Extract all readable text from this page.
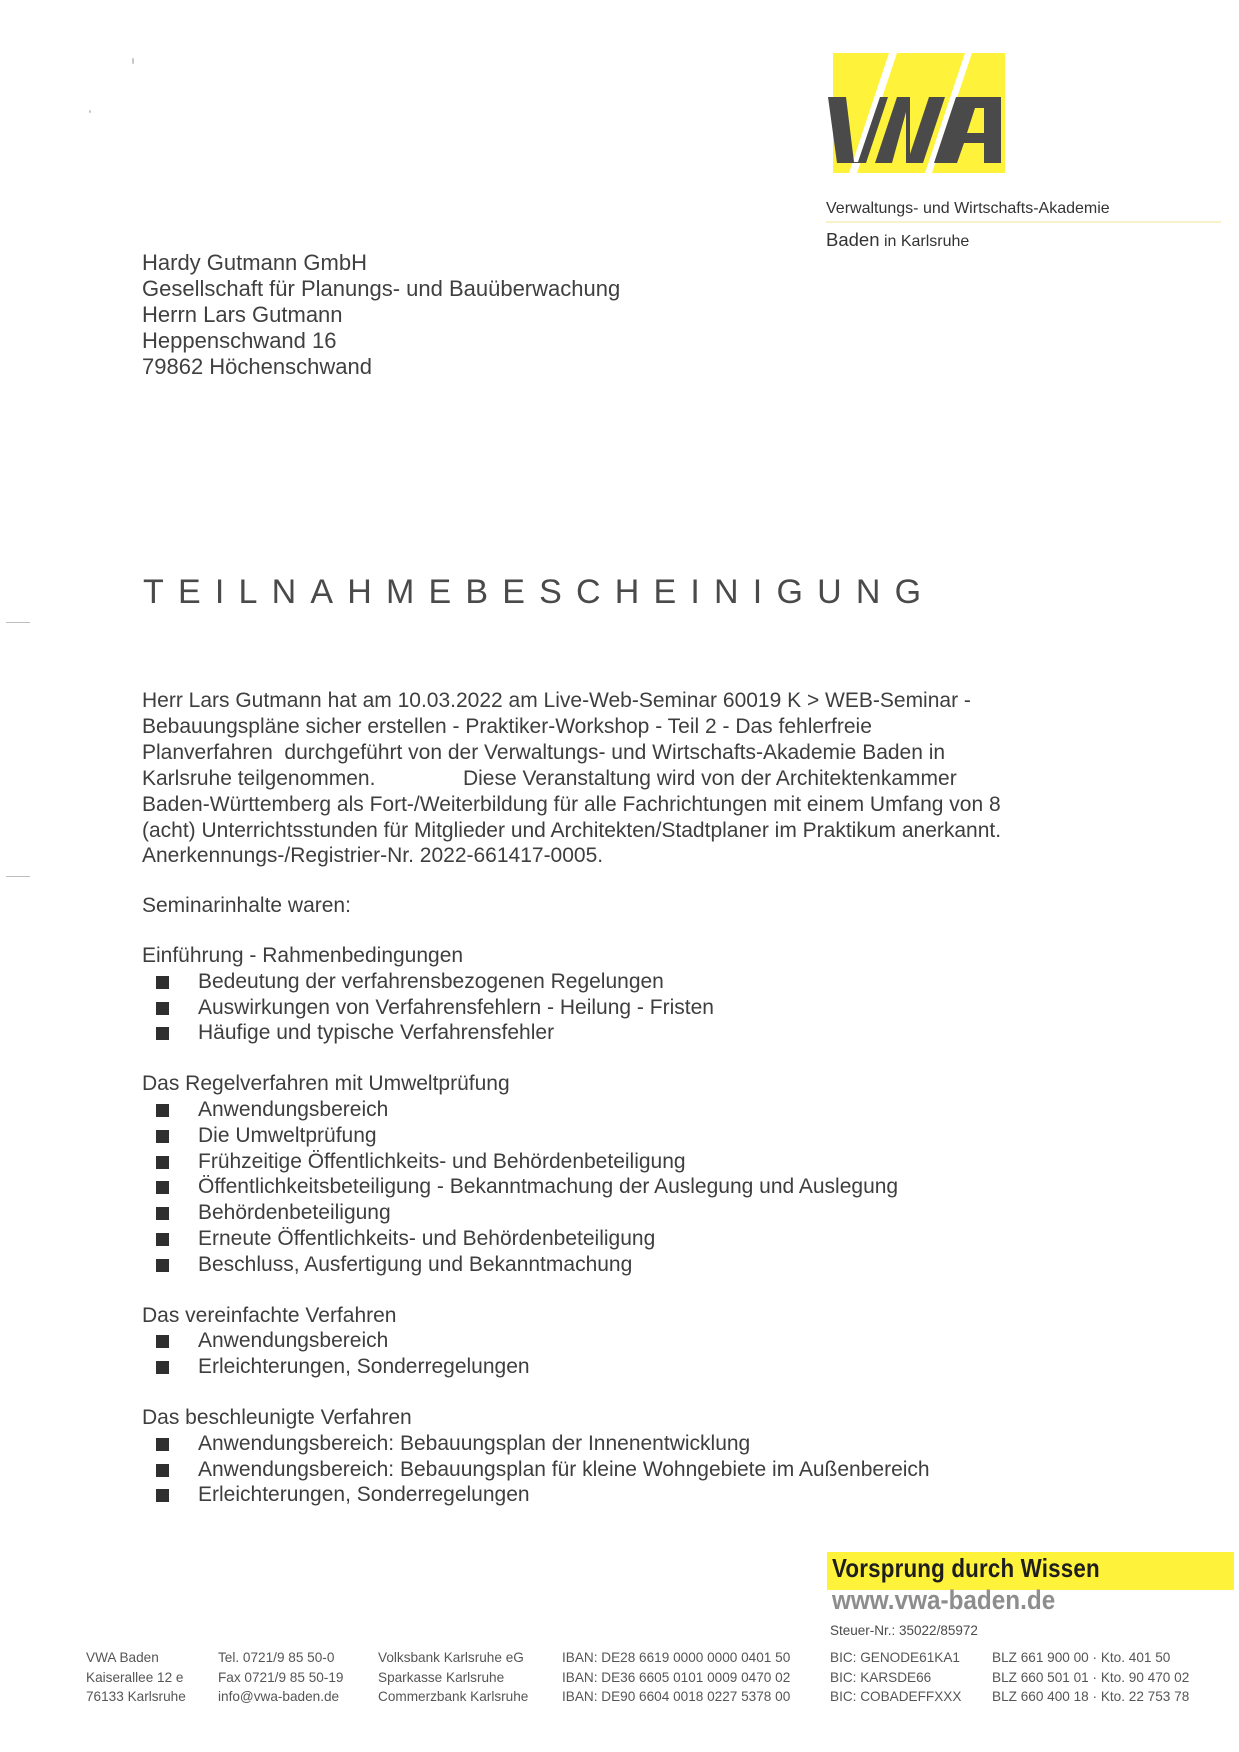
Verwaltungs- und Wirtschafts-Akademie
Baden in Karlsruhe
Hardy Gutmann GmbH
Gesellschaft für Planungs- und Bauüberwachung
Herrn Lars Gutmann
Heppenschwand 16
79862 Höchenschwand
TEILNAHMEBESCHEINIGUNG
Herr Lars Gutmann hat am 10.03.2022 am Live-Web-Seminar 60019 K > WEB-Seminar -
Bebauungspläne sicher erstellen - Praktiker-Workshop - Teil 2 - Das fehlerfreie
Planverfahren  durchgeführt von der Verwaltungs- und Wirtschafts-Akademie Baden in
Karlsruhe teilgenommen.               Diese Veranstaltung wird von der Architektenkammer
Baden-Württemberg als Fort-/Weiterbildung für alle Fachrichtungen mit einem Umfang von 8
(acht) Unterrichtsstunden für Mitglieder und Architekten/Stadtplaner im Praktikum anerkannt.
Anerkennungs-/Registrier-Nr. 2022-661417-0005.
Seminarinhalte waren:
Einführung - Rahmenbedingungen
Bedeutung der verfahrensbezogenen Regelungen
Auswirkungen von Verfahrensfehlern - Heilung - Fristen
Häufige und typische Verfahrensfehler
Das Regelverfahren mit Umweltprüfung
Anwendungsbereich
Die Umweltprüfung
Frühzeitige Öffentlichkeits- und Behördenbeteiligung
Öffentlichkeitsbeteiligung - Bekanntmachung der Auslegung und Auslegung
Behördenbeteiligung
Erneute Öffentlichkeits- und Behördenbeteiligung
Beschluss, Ausfertigung und Bekanntmachung
Das vereinfachte Verfahren
Anwendungsbereich
Erleichterungen, Sonderregelungen
Das beschleunigte Verfahren
Anwendungsbereich: Bebauungsplan der Innenentwicklung
Anwendungsbereich: Bebauungsplan für kleine Wohngebiete im Außenbereich
Erleichterungen, Sonderregelungen
Vorsprung durch Wissen
www.vwa-baden.de
Steuer-Nr.: 35022/85972
VWA Baden
Kaiserallee 12 e
76133 Karlsruhe
Tel. 0721/9 85 50-0
Fax 0721/9 85 50-19
info@vwa-baden.de
Volksbank Karlsruhe eG
Sparkasse Karlsruhe
Commerzbank Karlsruhe
IBAN: DE28 6619 0000 0000 0401 50
IBAN: DE36 6605 0101 0009 0470 02
IBAN: DE90 6604 0018 0227 5378 00
BIC: GENODE61KA1
BIC: KARSDE66
BIC: COBADEFFXXX
BLZ 661 900 00 · Kto. 401 50
BLZ 660 501 01 · Kto. 90 470 02
BLZ 660 400 18 · Kto. 22 753 78
